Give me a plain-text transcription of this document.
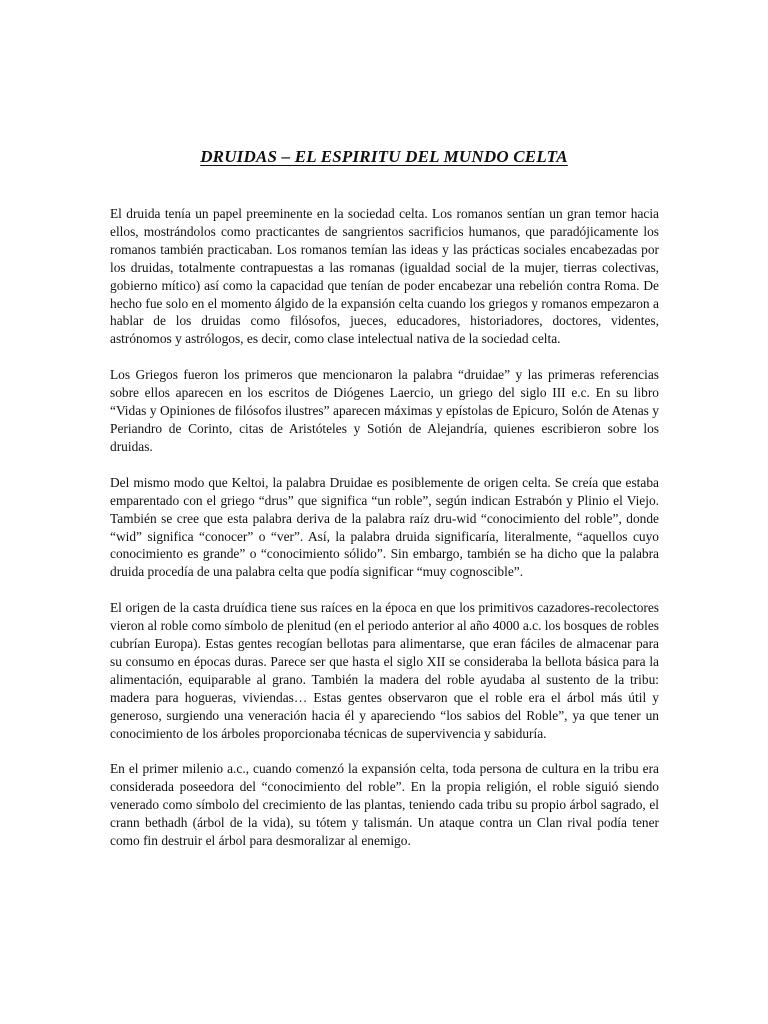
DRUIDAS – EL ESPIRITU DEL MUNDO CELTA

El druida tenía un papel preeminente en la sociedad celta. Los romanos sentían un gran temor hacia ellos, mostrándolos como practicantes de sangrientos sacrificios humanos, que paradójicamente los romanos también practicaban. Los romanos temían las ideas y las prácticas sociales encabezadas por los druidas, totalmente contrapuestas a las romanas (igualdad social de la mujer, tierras colectivas, gobierno mítico) así como la capacidad que tenían de poder encabezar una rebelión contra Roma. De hecho fue solo en el momento álgido de la expansión celta cuando los griegos y romanos empezaron a hablar de los druidas como filósofos, jueces, educadores, historiadores, doctores, videntes, astrónomos y astrólogos, es decir, como clase intelectual nativa de la sociedad celta.

Los Griegos fueron los primeros que mencionaron la palabra “druidae” y las primeras referencias sobre ellos aparecen en los escritos de Diógenes Laercio, un griego del siglo III e.c. En su libro “Vidas y Opiniones de filósofos ilustres” aparecen máximas y epístolas de Epicuro, Solón de Atenas y Periandro de Corinto, citas de Aristóteles y Sotión de Alejandría, quienes escribieron sobre los druidas.

Del mismo modo que Keltoi, la palabra Druidae es posiblemente de origen celta. Se creía que estaba emparentado con el griego “drus” que significa “un roble”, según indican Estrabón y Plinio el Viejo. También se cree que esta palabra deriva de la palabra raíz dru-wid “conocimiento del roble”, donde “wid” significa “conocer” o “ver”. Así, la palabra druida significaría, literalmente, “aquellos cuyo conocimiento es grande” o “conocimiento sólido”. Sin embargo, también se ha dicho que la palabra druida procedía de una palabra celta que podía significar “muy cognoscible”.

El origen de la casta druídica tiene sus raíces en la época en que los primitivos cazadores-recolectores vieron al roble como símbolo de plenitud (en el periodo anterior al año 4000 a.c. los bosques de robles cubrían Europa). Estas gentes recogían bellotas para alimentarse, que eran fáciles de almacenar para su consumo en épocas duras. Parece ser que hasta el siglo XII se consideraba la bellota básica para la alimentación, equiparable al grano. También la madera del roble ayudaba al sustento de la tribu: madera para hogueras, viviendas… Estas gentes observaron que el roble era el árbol más útil y generoso, surgiendo una veneración hacia él y apareciendo “los sabios del Roble”, ya que tener un conocimiento de los árboles proporcionaba técnicas de supervivencia y sabiduría.

En el primer milenio a.c., cuando comenzó la expansión celta, toda persona de cultura en la tribu era considerada poseedora del “conocimiento del roble”. En la propia religión, el roble siguió siendo venerado como símbolo del crecimiento de las plantas, teniendo cada tribu su propio árbol sagrado, el crann bethadh (árbol de la vida), su tótem y talismán. Un ataque contra un Clan rival podía tener como fin destruir el árbol para desmoralizar al enemigo.
